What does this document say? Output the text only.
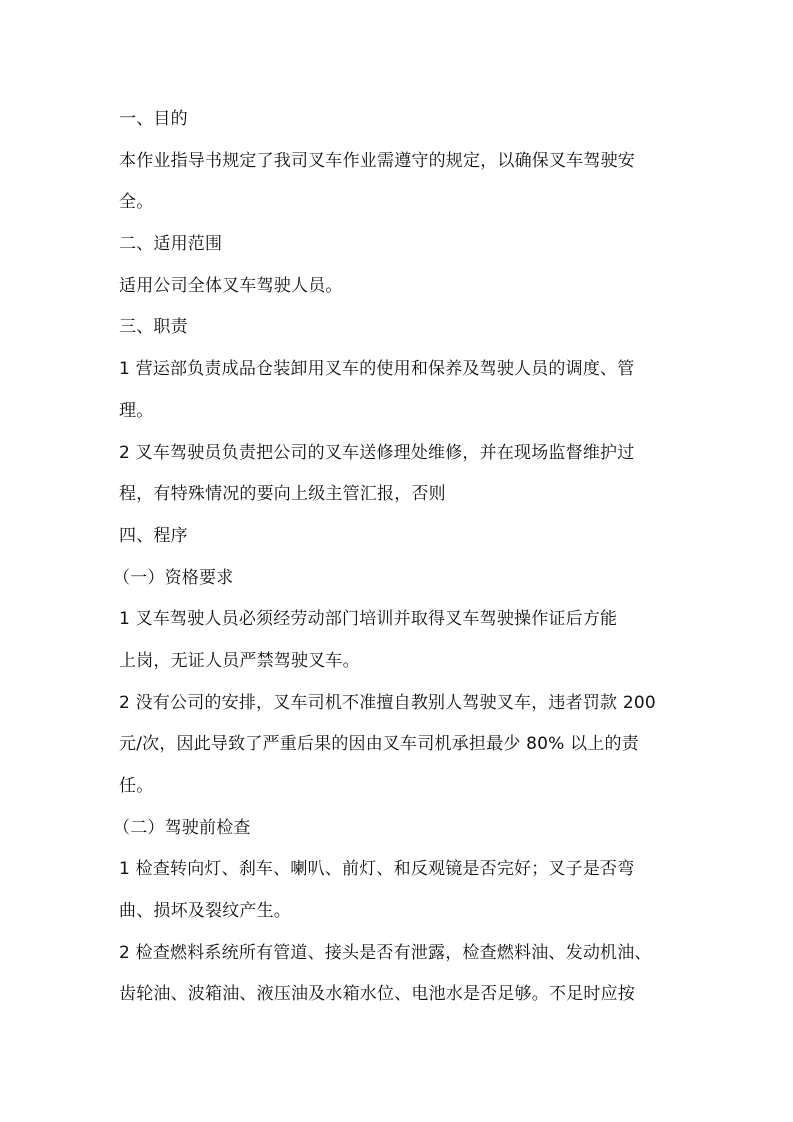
一、目的
本作业指导书规定了我司叉车作业需遵守的规定，以确保叉车驾驶安
全。
二、适用范围
适用公司全体叉车驾驶人员。
三、职责
1 营运部负责成品仓装卸用叉车的使用和保养及驾驶人员的调度、管
理。
2 叉车驾驶员负责把公司的叉车送修理处维修，并在现场监督维护过
程，有特殊情况的要向上级主管汇报，否则
四、程序
（一）资格要求
1 叉车驾驶人员必须经劳动部门培训并取得叉车驾驶操作证后方能
上岗，无证人员严禁驾驶叉车。
2 没有公司的安排，叉车司机不准擅自教别人驾驶叉车，违者罚款 200
元/次，因此导致了严重后果的因由叉车司机承担最少 80% 以上的责
任。
（二）驾驶前检查
1 检查转向灯、刹车、喇叭、前灯、和反观镜是否完好；叉子是否弯
曲、损坏及裂纹产生。
2 检查燃料系统所有管道、接头是否有泄露，检查燃料油、发动机油、
齿轮油、波箱油、液压油及水箱水位、电池水是否足够。不足时应按
